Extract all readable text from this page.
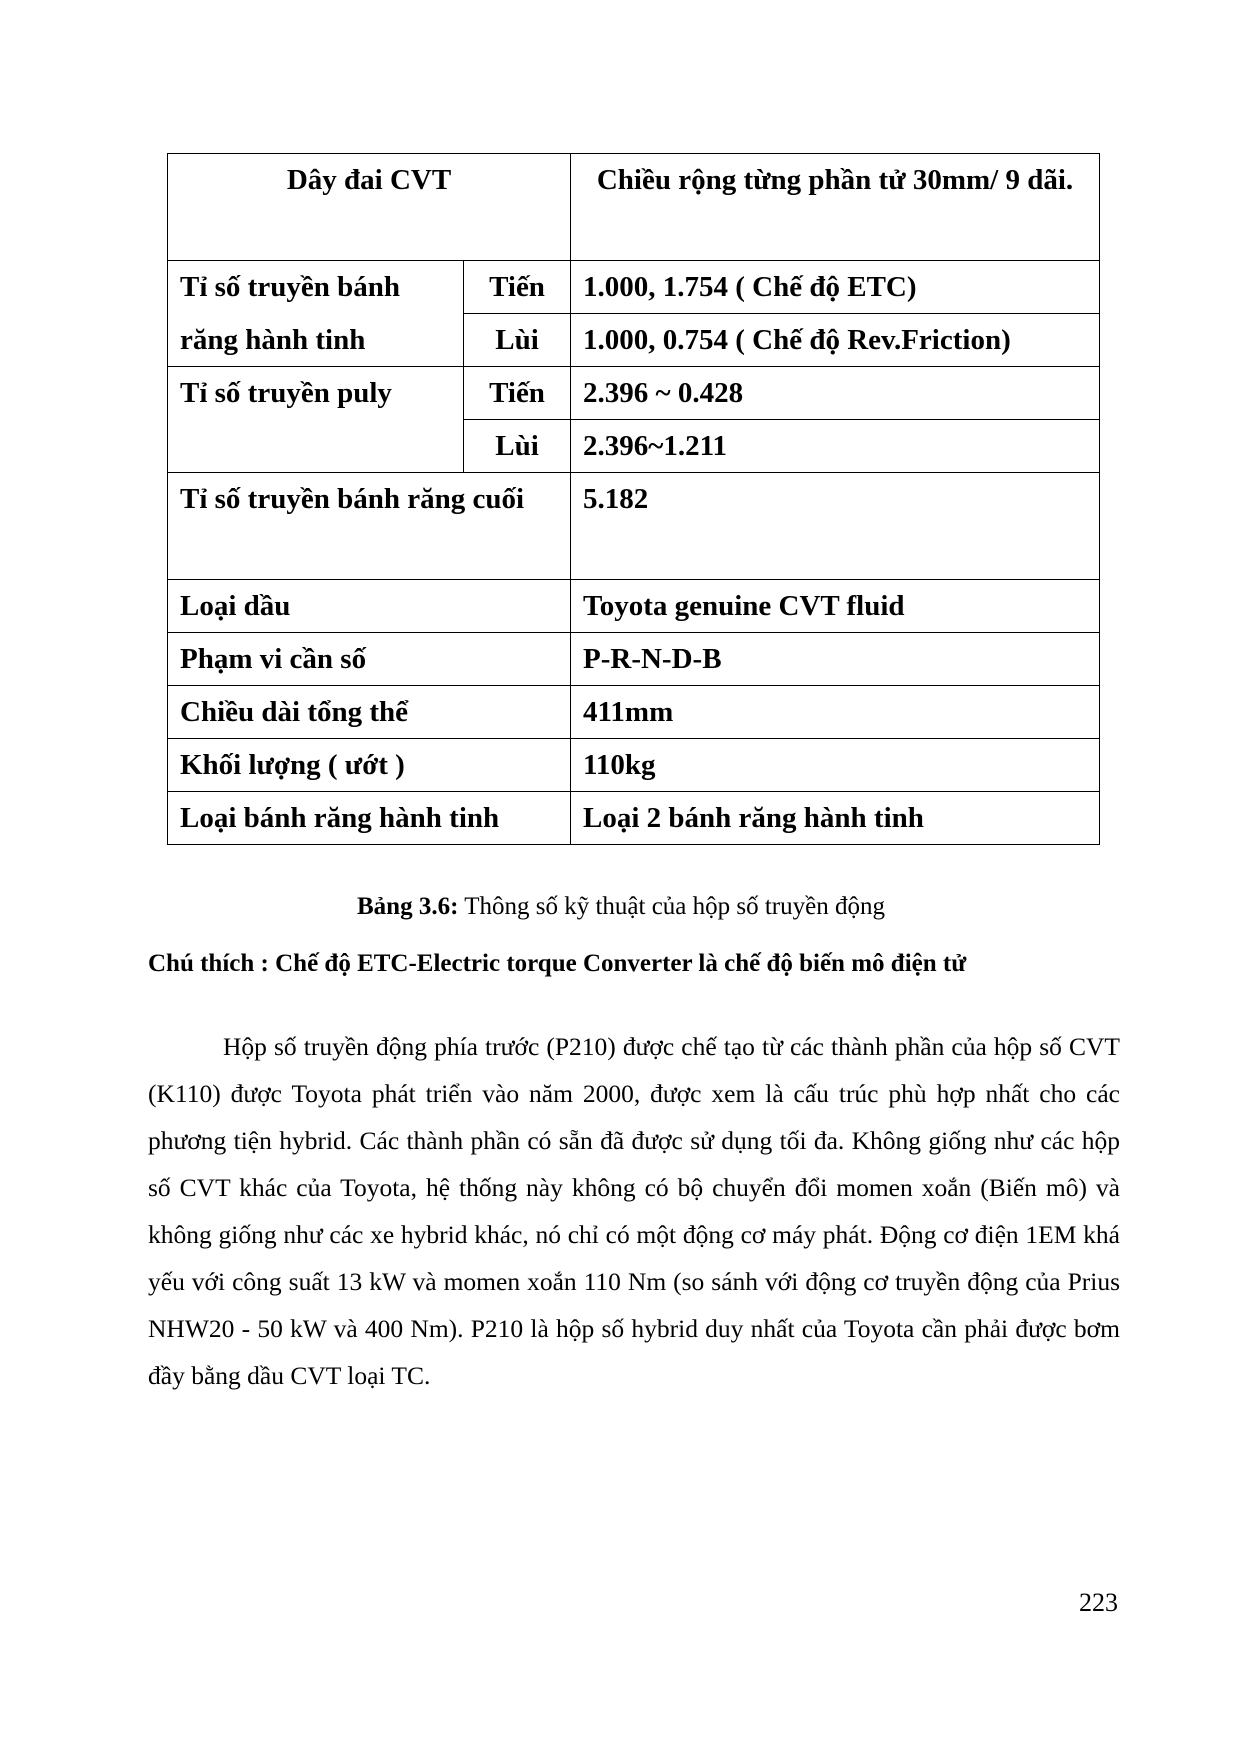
Dây đai CVT		Chiều rộng từng phần tử 30mm/ 9 dãi.
Tỉ số truyền bánh	Tiến	1.000, 1.754 ( Chế độ ETC)
răng hành tinh	Lùi	1.000, 0.754 ( Chế độ Rev.Friction)
Tỉ số truyền puly	Tiến	2.396 ~ 0.428
	Lùi	2.396~1.211
Tỉ số truyền bánh răng cuối		5.182
Loại dầu		Toyota genuine CVT fluid
Phạm vi cần số		P-R-N-D-B
Chiều dài tổng thể		411mm
Khối lượng ( ướt )		110kg
Loại bánh răng hành tinh		Loại 2 bánh răng hành tinh
Bảng 3.6: Thông số kỹ thuật của hộp số truyền động
Chú thích : Chế độ ETC-Electric torque Converter là chế độ biến mô điện tử

Hộp số truyền động phía trước (P210) được chế tạo từ các thành phần của hộp số CVT (K110) được Toyota phát triển vào năm 2000, được xem là cấu trúc phù hợp nhất cho các phương tiện hybrid. Các thành phần có sẵn đã được sử dụng tối đa. Không giống như các hộp số CVT khác của Toyota, hệ thống này không có bộ chuyển đổi momen xoắn (Biến mô) và không giống như các xe hybrid khác, nó chỉ có một động cơ máy phát. Động cơ điện 1EM khá yếu với công suất 13 kW và momen xoắn 110 Nm (so sánh với động cơ truyền động của Prius NHW20 - 50 kW và 400 Nm). P210 là hộp số hybrid duy nhất của Toyota cần phải được bơm đầy bằng dầu CVT loại TC.

223
